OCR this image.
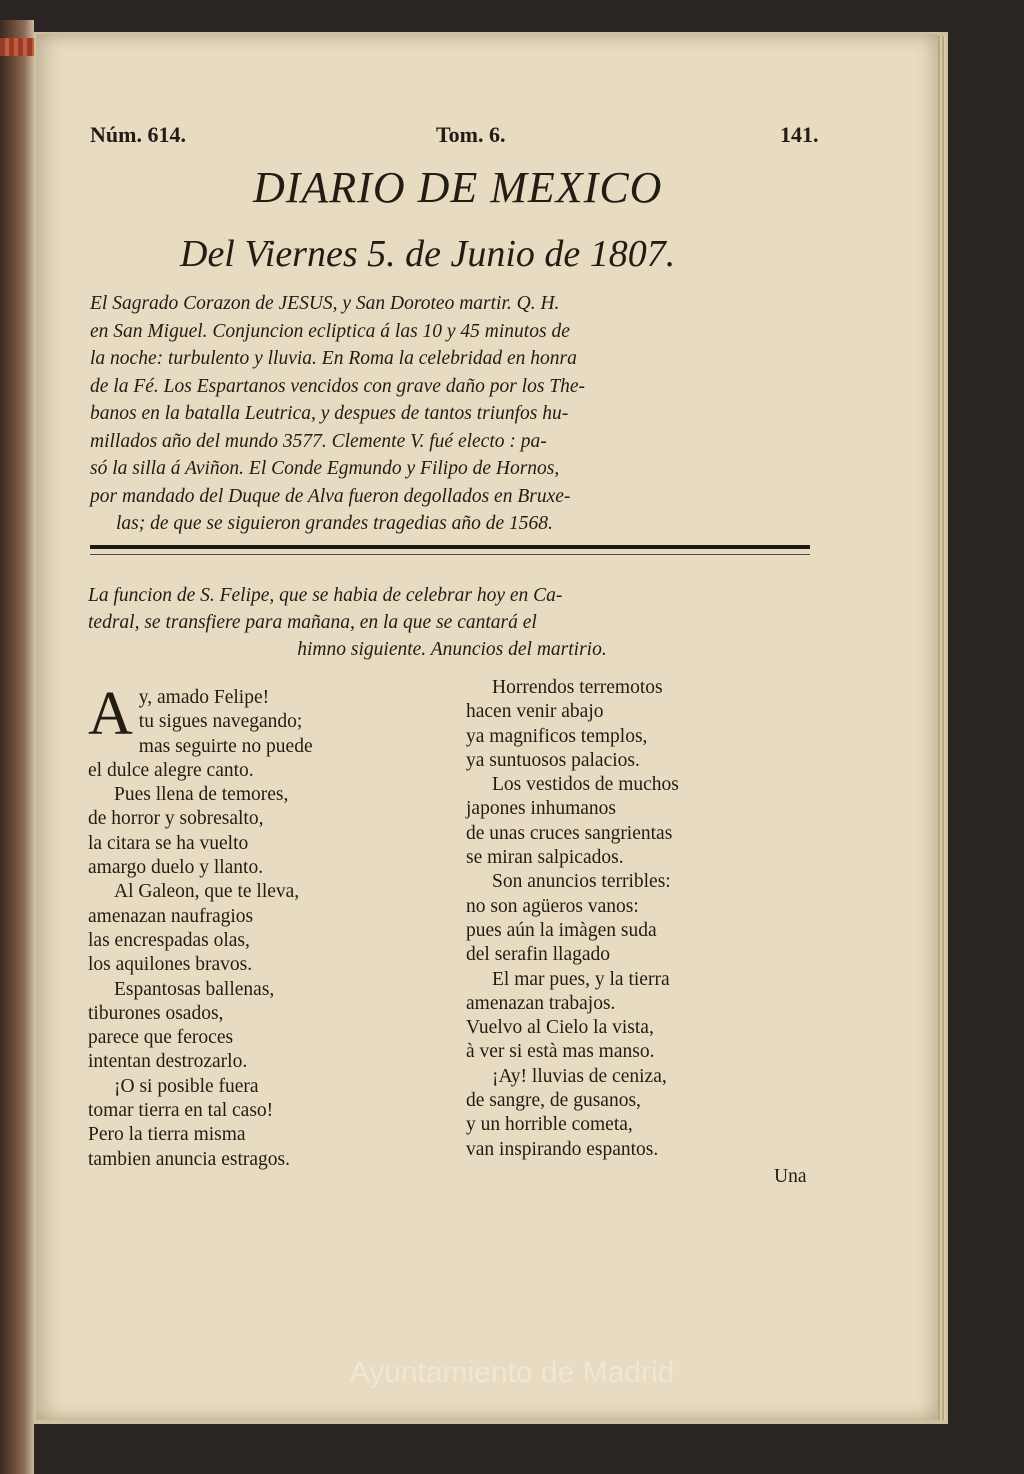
Núm. 614.	Tom. 6.	141.
DIARIO DE MEXICO
Del Viernes 5. de Junio de 1807.
El Sagrado Corazon de JESUS, y San Doroteo martir. Q. H.
en San Miguel. Conjuncion ecliptica á las 10 y 45 minutos de
la noche: turbulento y lluvia. En Roma la celebridad en honra
de la Fé. Los Espartanos vencidos con grave daño por los The-
banos en la batalla Leutrica, y despues de tantos triunfos hu-
millados año del mundo 3577. Clemente V. fué electo : pa-
só la silla á Aviñon. El Conde Egmundo y Filipo de Hornos,
por mandado del Duque de Alva fueron degollados en Bruxe-
las; de que se siguieron grandes tragedias año de 1568.
La funcion de S. Felipe, que se habia de celebrar hoy en Ca-
tedral, se transfiere para mañana, en la que se cantará el
himno siguiente. Anuncios del martirio.
A y, amado Felipe!
tu sigues navegando;
mas seguirte no puede
el dulce alegre canto.
Pues llena de temores,
de horror y sobresalto,
la citara se ha vuelto
amargo duelo y llanto.
Al Galeon, que te lleva,
amenazan naufragios
las encrespadas olas,
los aquilones bravos.
Espantosas ballenas,
tiburones osados,
parece que feroces
intentan destrozarlo.
¡O si posible fuera
tomar tierra en tal caso!
Pero la tierra misma
tambien anuncia estragos.
Horrendos terremotos
hacen venir abajo
ya magnificos templos,
ya suntuosos palacios.
Los vestidos de muchos
japones inhumanos
de unas cruces sangrientas
se miran salpicados.
Son anuncios terribles:
no son agüeros vanos:
pues aún la imàgen suda
del serafin llagado
El mar pues, y la tierra
amenazan trabajos.
Vuelvo al Cielo la vista,
à ver si està mas manso.
¡Ay! lluvias de ceniza,
de sangre, de gusanos,
y un horrible cometa,
van inspirando espantos.
Una
Ayuntamiento de Madrid
